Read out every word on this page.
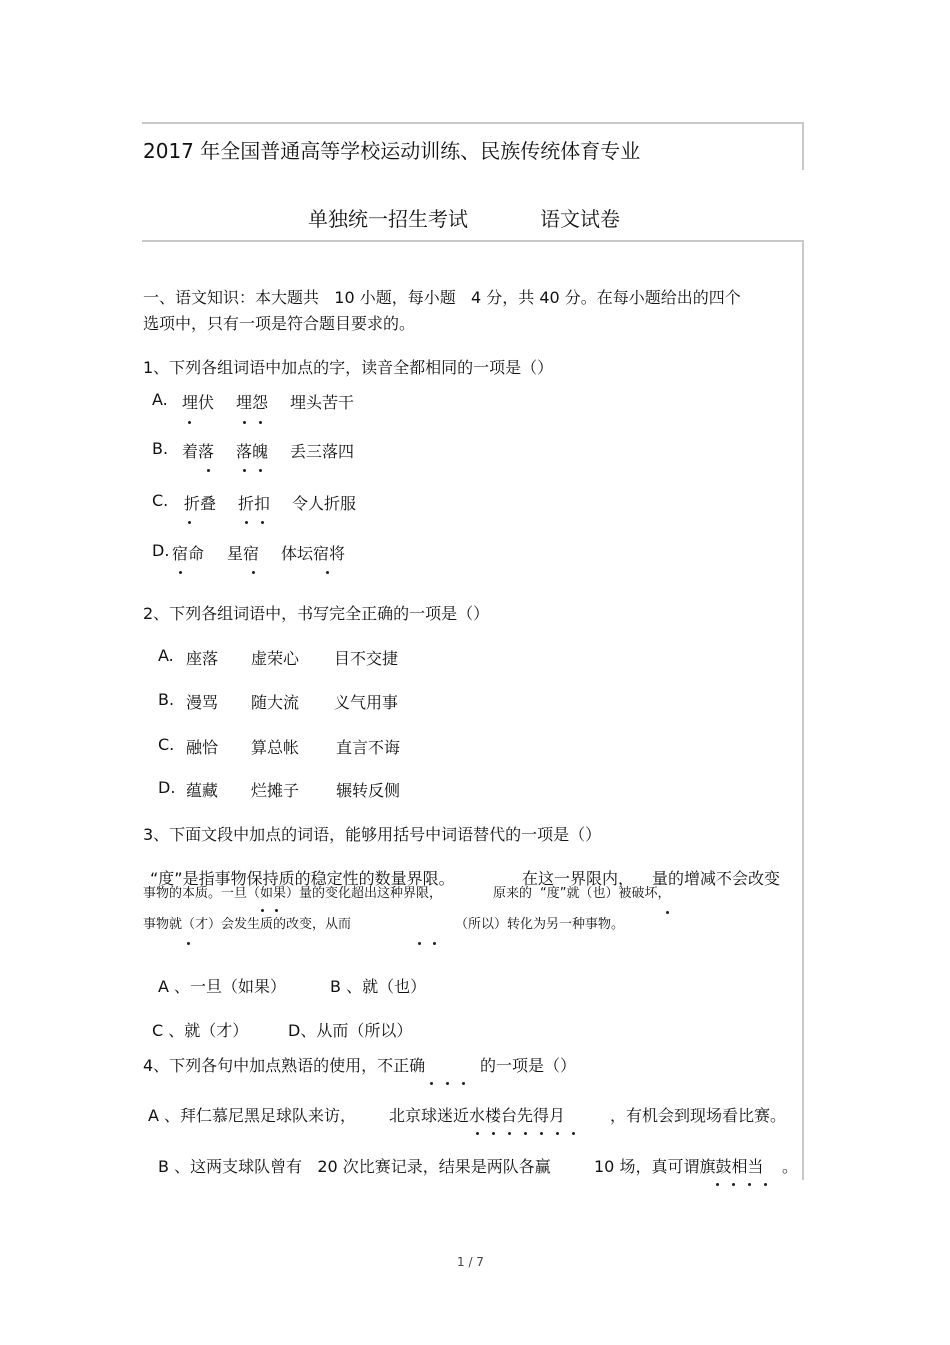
2017 年全国普通高等学校运动训练、民族传统体育专业
单独统一招生考试	语文试卷
一、语文知识：本大题共   10 小题，每小题   4 分，共 40 分。在每小题给出的四个
选项中，只有一项是符合题目要求的。
1、下列各组词语中加点的字，读音全都相同的一项是（）
A. 埋伏 埋怨 埋头苦干
B. 着落 落魄 丢三落四
C. 折叠 折扣 令人折服
D. 宿命 星宿 体坛宿将
2、下列各组词语中，书写完全正确的一项是（）
A. 座落 虚荣心 目不交捷
B. 漫骂 随大流 义气用事
C. 融恰 算总帐 直言不诲
D. 蕴藏 烂摊子 辗转反侧
3、下面文段中加点的词语，能够用括号中词语替代的一项是（）
“度”是指事物保持质的稳定性的数量界限。	在这一界限内， 量的增减不会改变
事物的本质。一旦（如果）量的变化超出这种界限，	原来的 “度”就（也）被破坏，
事物就（才）会发生质的改变，从而	（所以）转化为另一种事物。
A 、一旦（如果）	B 、就（也）
C 、就（才） D、从而（所以）
4、下列各句中加点熟语的使用，不正确	的一项是（）
A 、拜仁慕尼黑足球队来访， 北京球迷近水楼台先得月	，有机会到现场看比赛。
B 、这两支球队曾有   20 次比赛记录，结果是两队各赢	10 场，真可谓旗鼓相当 。
1 / 7
